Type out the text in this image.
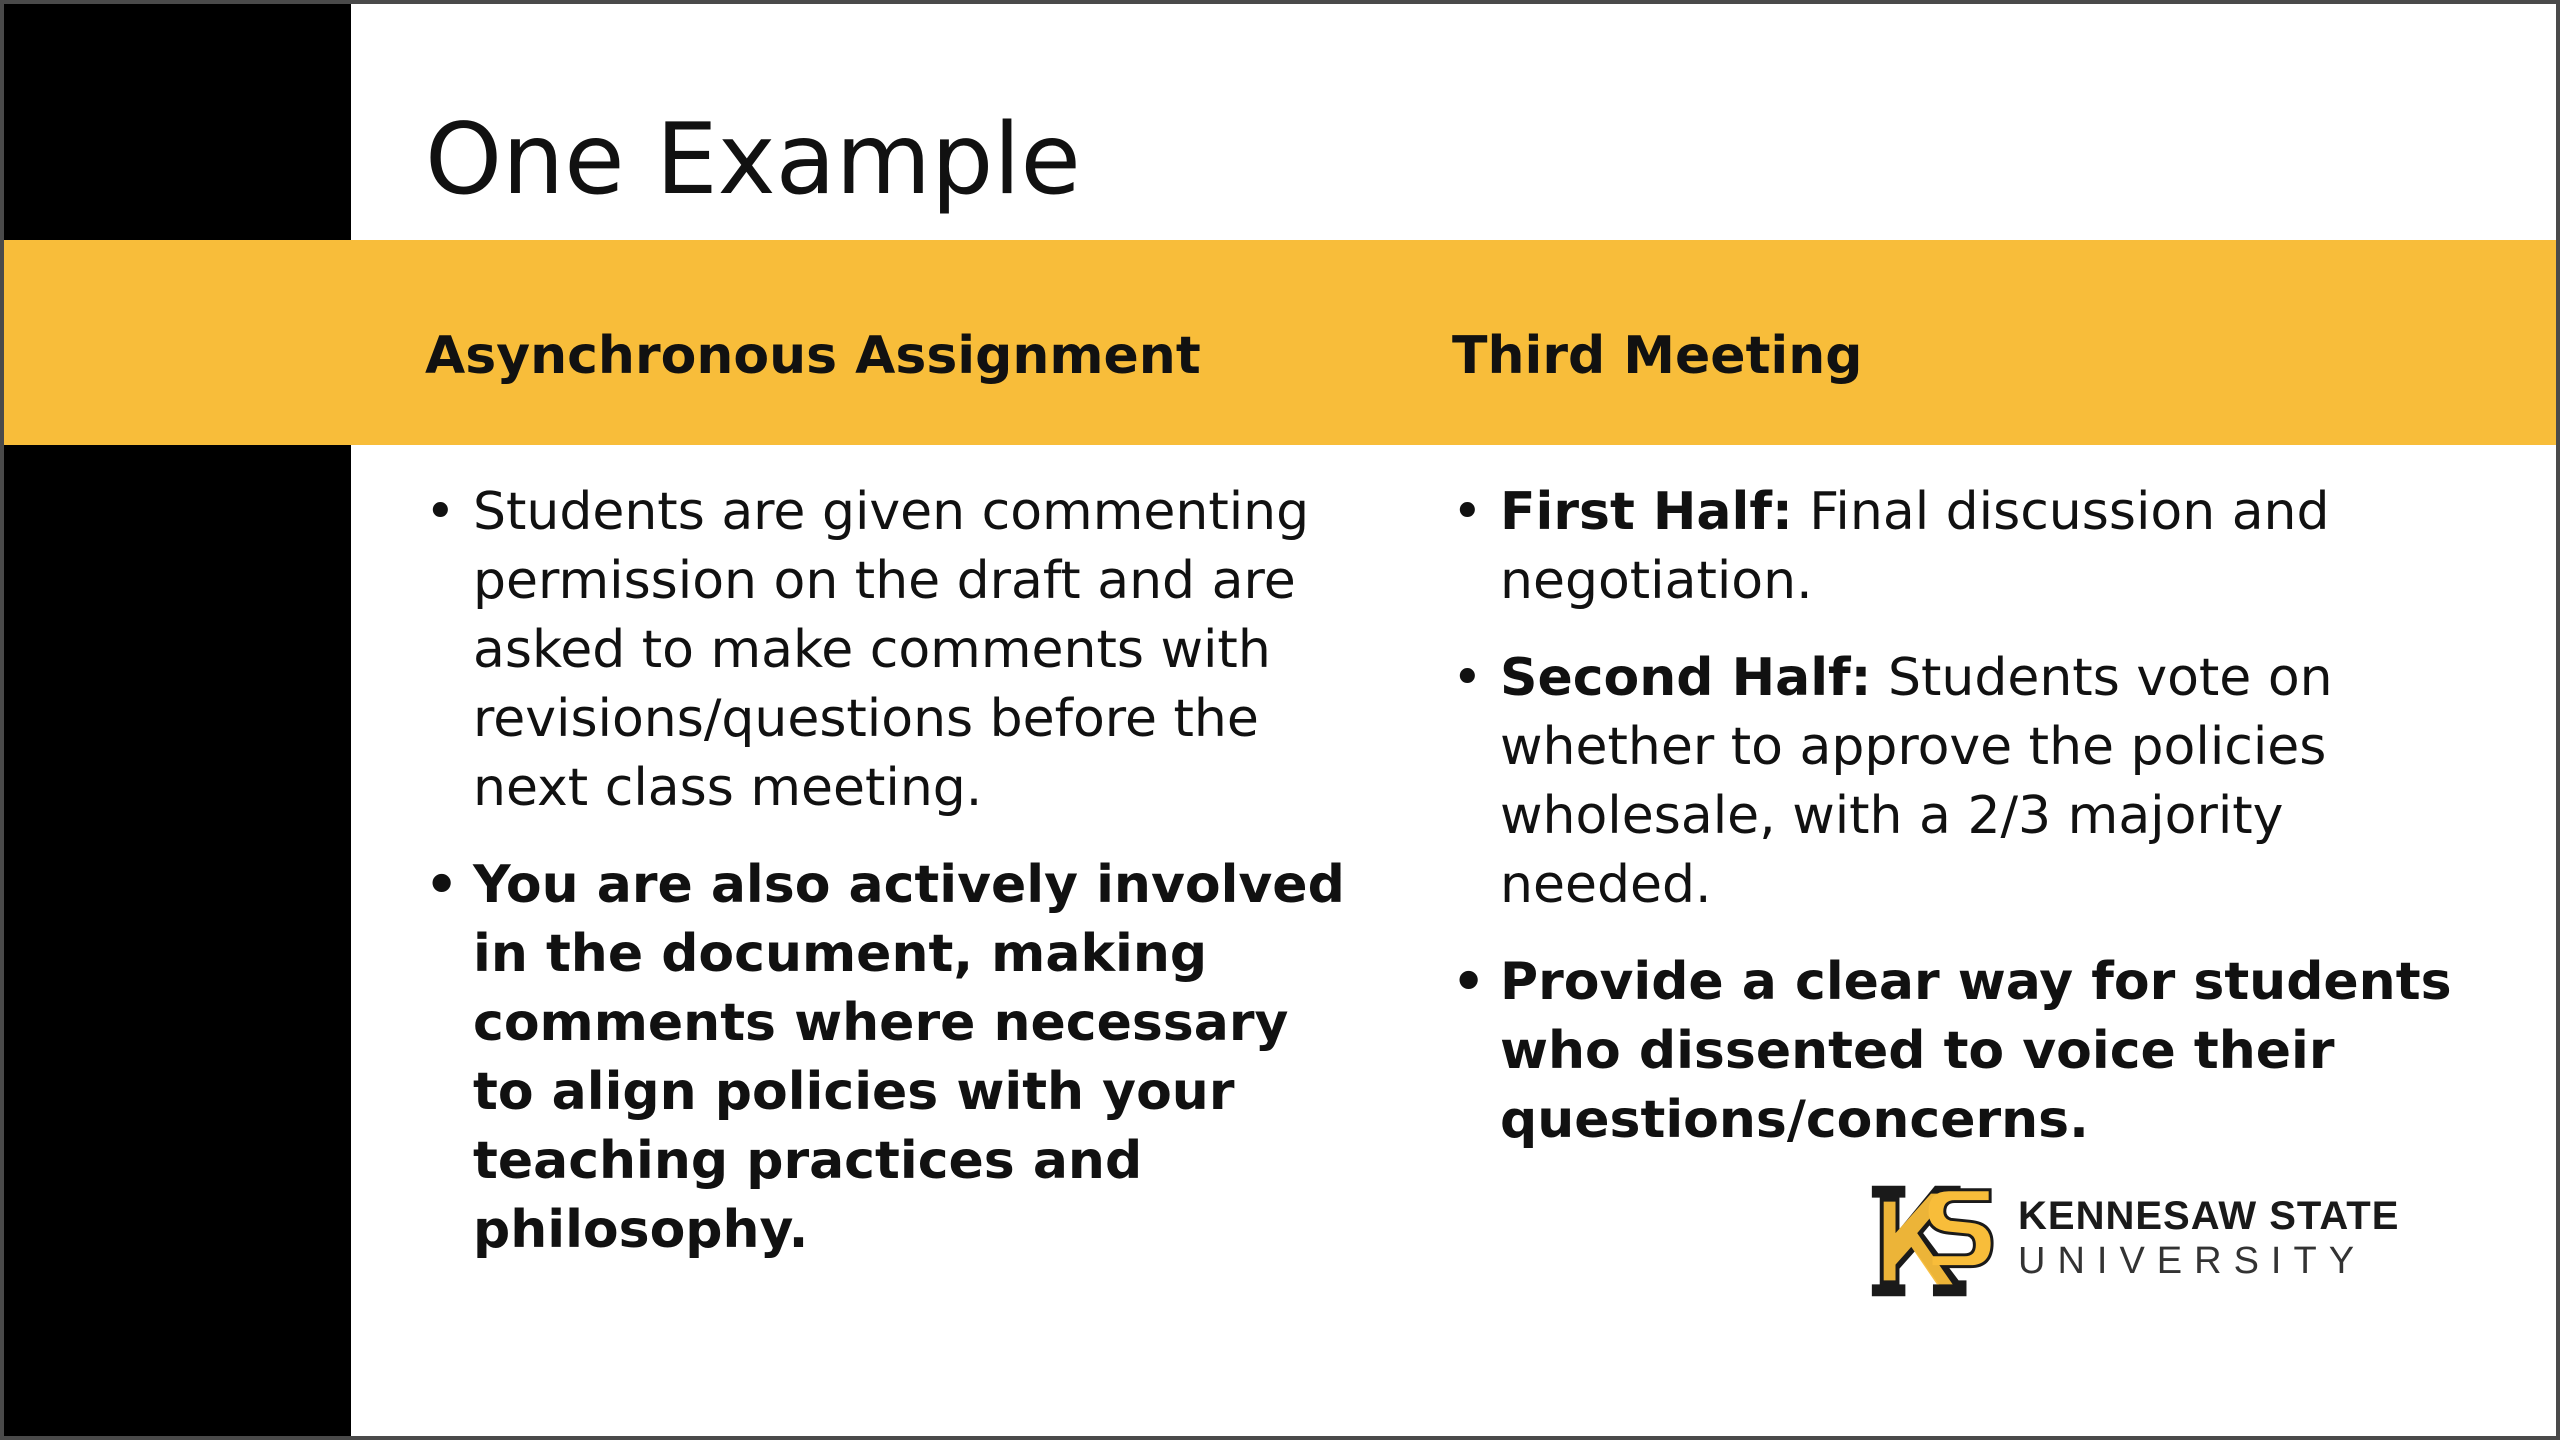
One Example
Asynchronous Assignment	Third Meeting
• Students are given commenting permission on the draft and are asked to make comments with revisions/questions before the next class meeting.
• You are also actively involved in the document, making comments where necessary to align policies with your teaching practices and philosophy.
• First Half: Final discussion and negotiation.
• Second Half: Students vote on whether to approve the policies wholesale, with a 2/3 majority needed.
• Provide a clear way for students who dissented to voice their questions/concerns.
KENNESAW STATE
UNIVERSITY
